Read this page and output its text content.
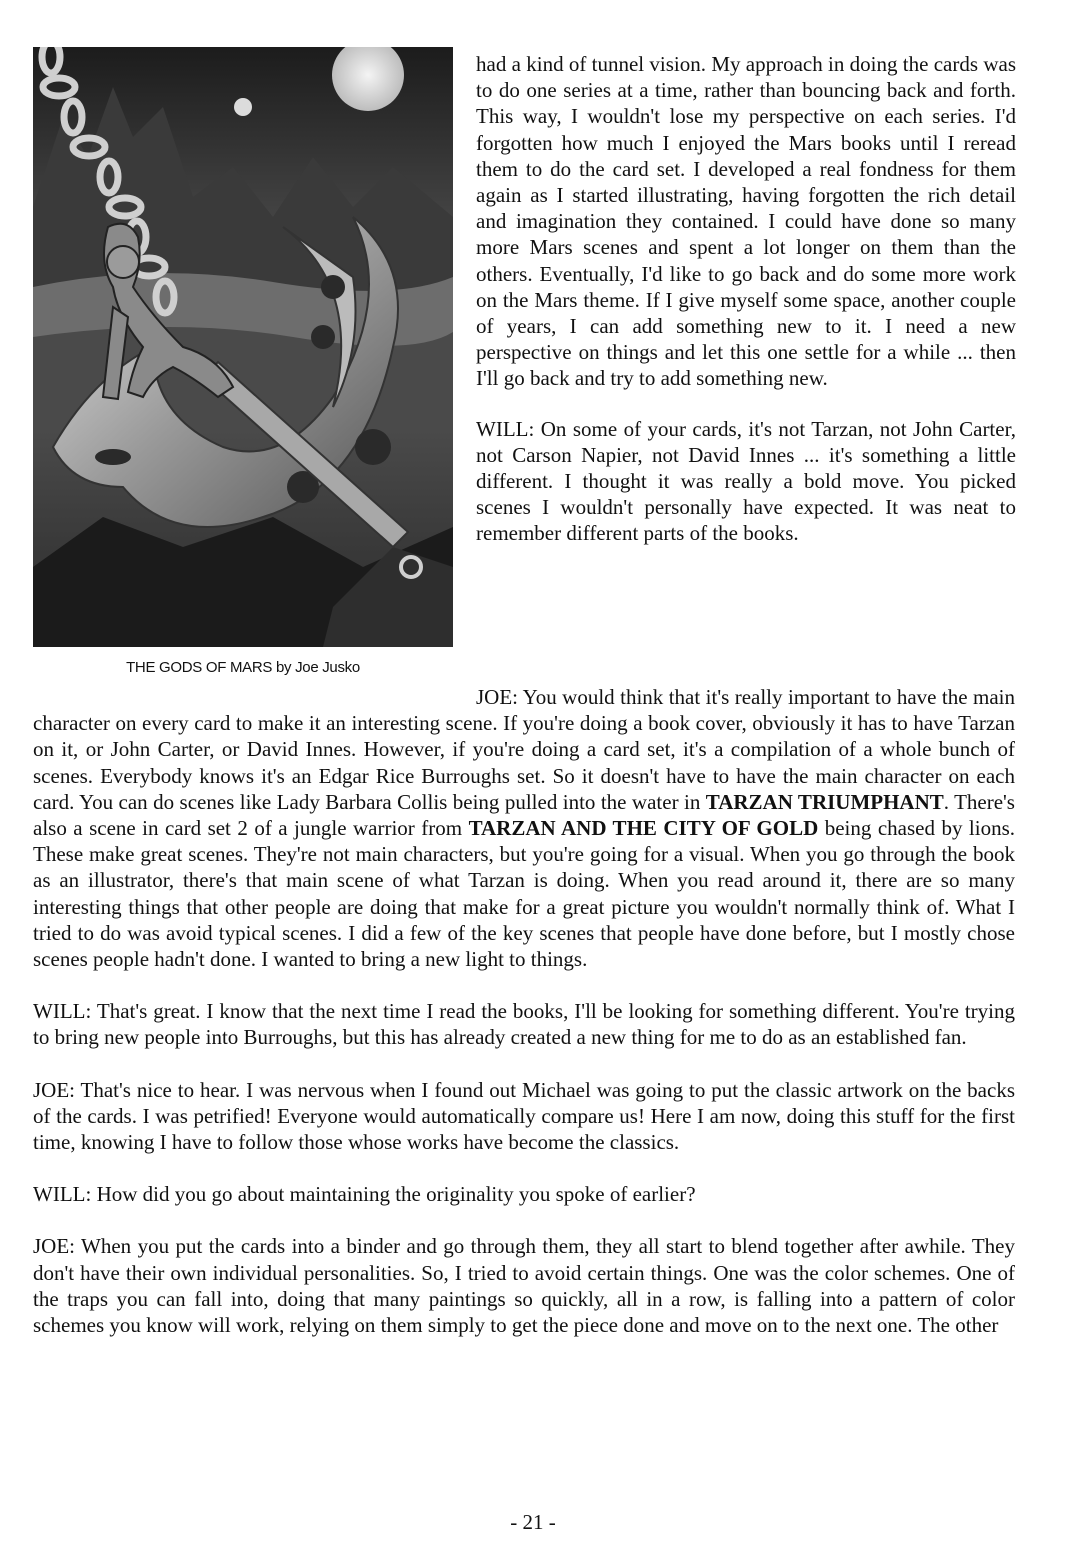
THE GODS OF MARS by Joe Jusko

had a kind of tunnel vision. My approach in doing the cards was to do one series at a time, rather than bouncing back and forth. This way, I wouldn't lose my perspective on each series. I'd forgotten how much I enjoyed the Mars books until I reread them to do the card set. I developed a real fondness for them again as I started illustrating, having forgotten the rich detail and imagination they contained. I could have done so many more Mars scenes and spent a lot longer on them than the others. Eventually, I'd like to go back and do some more work on the Mars theme. If I give myself some space, another couple of years, I can add something new to it. I need a new perspective on things and let this one settle for a while ... then I'll go back and try to add something new.

WILL: On some of your cards, it's not Tarzan, not John Carter, not Carson Napier, not David Innes ... it's something a little different. I thought it was really a bold move. You picked scenes I wouldn't personally have expected. It was neat to remember different parts of the books.

JOE: You would think that it's really important to have the main character on every card to make it an interesting scene. If you're doing a book cover, obviously it has to have Tarzan on it, or John Carter, or David Innes. However, if you're doing a card set, it's a compilation of a whole bunch of scenes. Everybody knows it's an Edgar Rice Burroughs set. So it doesn't have to have the main character on each card. You can do scenes like Lady Barbara Collis being pulled into the water in TARZAN TRIUMPHANT. There's also a scene in card set 2 of a jungle warrior from TARZAN AND THE CITY OF GOLD being chased by lions. These make great scenes. They're not main characters, but you're going for a visual. When you go through the book as an illustrator, there's that main scene of what Tarzan is doing. When you read around it, there are so many interesting things that other people are doing that make for a great picture you wouldn't normally think of. What I tried to do was avoid typical scenes. I did a few of the key scenes that people have done before, but I mostly chose scenes people hadn't done. I wanted to bring a new light to things.

WILL: That's great. I know that the next time I read the books, I'll be looking for something different. You're trying to bring new people into Burroughs, but this has already created a new thing for me to do as an established fan.

JOE: That's nice to hear. I was nervous when I found out Michael was going to put the classic artwork on the backs of the cards. I was petrified! Everyone would automatically compare us! Here I am now, doing this stuff for the first time, knowing I have to follow those whose works have become the classics.

WILL: How did you go about maintaining the originality you spoke of earlier?

JOE: When you put the cards into a binder and go through them, they all start to blend together after awhile. They don't have their own individual personalities. So, I tried to avoid certain things. One was the color schemes. One of the traps you can fall into, doing that many paintings so quickly, all in a row, is falling into a pattern of color schemes you know will work, relying on them simply to get the piece done and move on to the next one. The other

- 21 -
